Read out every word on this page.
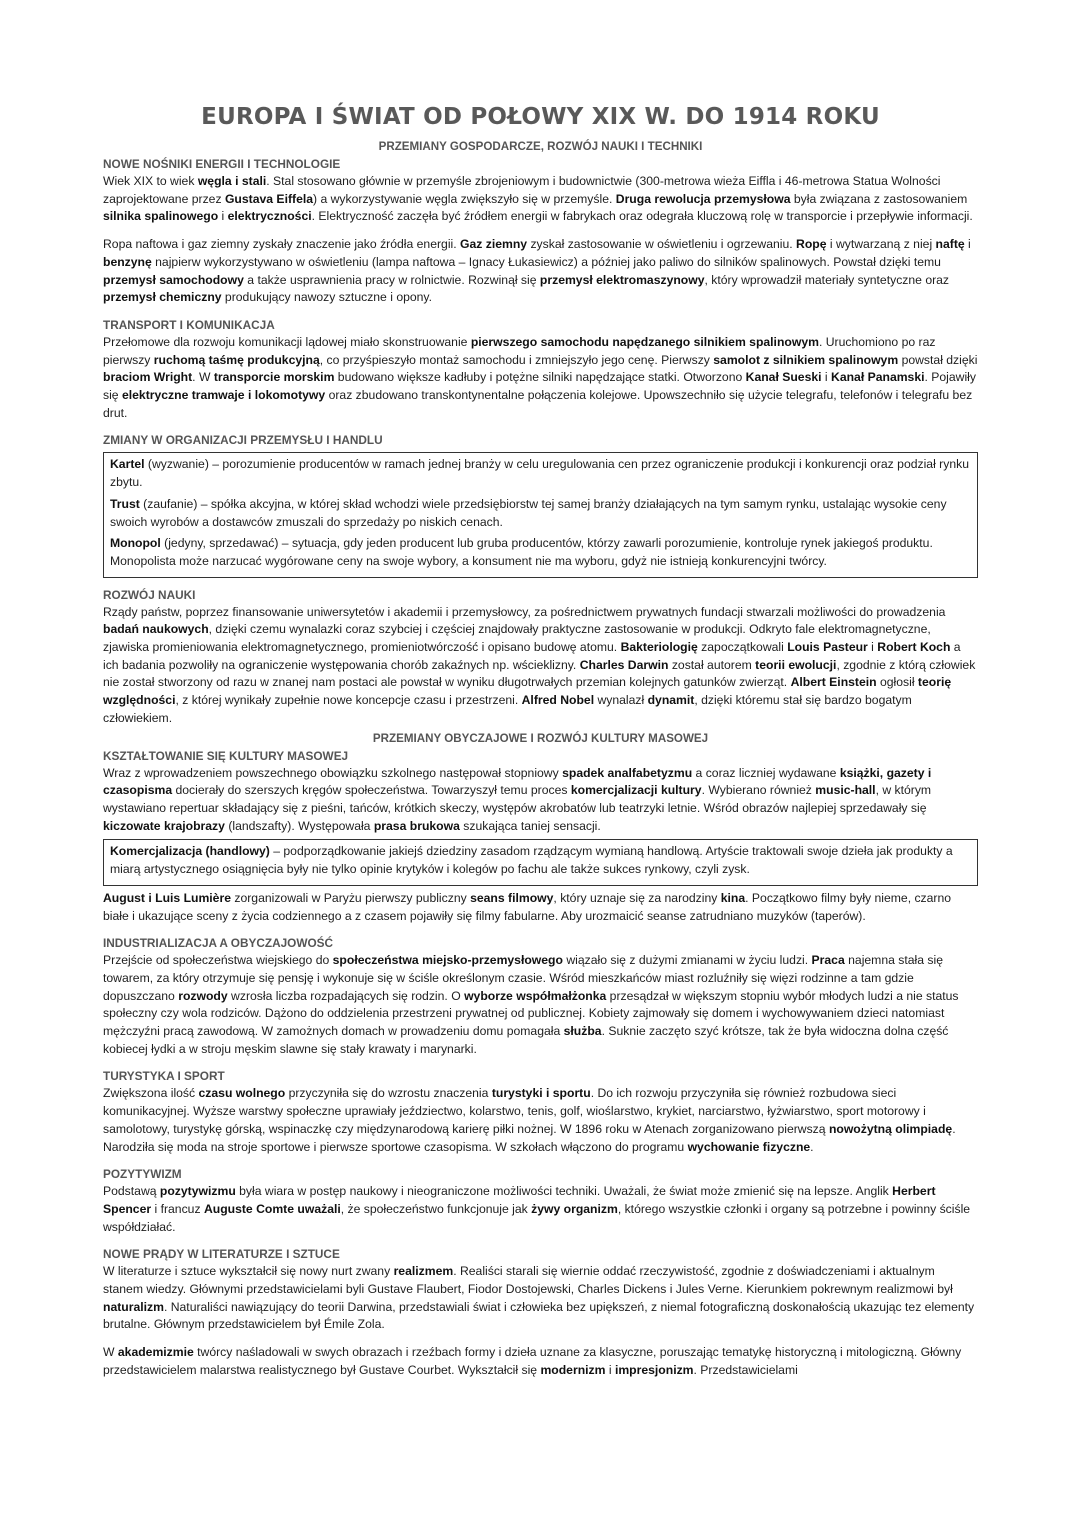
EUROPA I ŚWIAT OD POŁOWY XIX W. DO 1914 ROKU
PRZEMIANY GOSPODARCZE, ROZWÓJ NAUKI I TECHNIKI
NOWE NOŚNIKI ENERGII I TECHNOLOGIE

Wiek XIX to wiek węgla i stali. Stal stosowano głównie w przemyśle zbrojeniowym i budownictwie (300-metrowa wieża Eiffla i 46-metrowa Statua Wolności zaprojektowane przez Gustava Eiffela) a wykorzystywanie węgla zwiększyło się w przemyśle. Druga rewolucja przemysłowa była związana z zastosowaniem silnika spalinowego i elektryczności. Elektryczność zaczęła być źródłem energii w fabrykach oraz odegrała kluczową rolę w transporcie i przepływie informacji.

Ropa naftowa i gaz ziemny zyskały znaczenie jako źródła energii. Gaz ziemny zyskał zastosowanie w oświetleniu i ogrzewaniu. Ropę i wytwarzaną z niej naftę i benzynę najpierw wykorzystywano w oświetleniu (lampa naftowa – Ignacy Łukasiewicz) a później jako paliwo do silników spalinowych. Powstał dzięki temu przemysł samochodowy a także usprawnienia pracy w rolnictwie. Rozwinął się przemysł elektromaszynowy, który wprowadził materiały syntetyczne oraz przemysł chemiczny produkujący nawozy sztuczne i opony.

TRANSPORT I KOMUNIKACJA

Przełomowe dla rozwoju komunikacji lądowej miało skonstruowanie pierwszego samochodu napędzanego silnikiem spalinowym. Uruchomiono po raz pierwszy ruchomą taśmę produkcyjną, co przyśpieszyło montaż samochodu i zmniejszyło jego cenę. Pierwszy samolot z silnikiem spalinowym powstał dzięki braciom Wright. W transporcie morskim budowano większe kadłuby i potężne silniki napędzające statki. Otworzono Kanał Sueski i Kanał Panamski. Pojawiły się elektryczne tramwaje i lokomotywy oraz zbudowano transkontynentalne połączenia kolejowe. Upowszechniło się użycie telegrafu, telefonów i telegrafu bez drut.

ZMIANY W ORGANIZACJI PRZEMYSŁU I HANDLU

Kartel (wyzwanie) – porozumienie producentów w ramach jednej branży w celu uregulowania cen przez ograniczenie produkcji i konkurencji oraz podział rynku zbytu.

Trust (zaufanie) – spółka akcyjna, w której skład wchodzi wiele przedsiębiorstw tej samej branży działających na tym samym rynku, ustalając wysokie ceny swoich wyrobów a dostawców zmuszali do sprzedaży po niskich cenach.

Monopol (jedyny, sprzedawać) – sytuacja, gdy jeden producent lub gruba producentów, którzy zawarli porozumienie, kontroluje rynek jakiegoś produktu. Monopolista może narzucać wygórowane ceny na swoje wybory, a konsument nie ma wyboru, gdyż nie istnieją konkurencyjni twórcy.

ROZWÓJ NAUKI

Rządy państw, poprzez finansowanie uniwersytetów i akademii i przemysłowcy, za pośrednictwem prywatnych fundacji stwarzali możliwości do prowadzenia badań naukowych, dzięki czemu wynalazki coraz szybciej i częściej znajdowały praktyczne zastosowanie w produkcji. Odkryto fale elektromagnetyczne, zjawiska promieniowania elektromagnetycznego, promieniotwórczość i opisano budowę atomu. Bakteriologię zapoczątkowali Louis Pasteur i Robert Koch a ich badania pozwoliły na ograniczenie występowania chorób zakaźnych np. wścieklizny. Charles Darwin został autorem teorii ewolucji, zgodnie z którą człowiek nie został stworzony od razu w znanej nam postaci ale powstał w wyniku długotrwałych przemian kolejnych gatunków zwierząt. Albert Einstein ogłosił teorię względności, z której wynikały zupełnie nowe koncepcje czasu i przestrzeni. Alfred Nobel wynalazł dynamit, dzięki któremu stał się bardzo bogatym człowiekiem.

PRZEMIANY OBYCZAJOWE I ROZWÓJ KULTURY MASOWEJ
KSZTAŁTOWANIE SIĘ KULTURY MASOWEJ

Wraz z wprowadzeniem powszechnego obowiązku szkolnego następował stopniowy spadek analfabetyzmu a coraz liczniej wydawane książki, gazety i czasopisma docierały do szerszych kręgów społeczeństwa. Towarzyszył temu proces komercjalizacji kultury. Wybierano również music-hall, w którym wystawiano repertuar składający się z pieśni, tańców, krótkich skeczy, występów akrobatów lub teatrzyki letnie. Wśród obrazów najlepiej sprzedawały się kiczowate krajobrazy (landszafty). Występowała prasa brukowa szukająca taniej sensacji.

Komercjalizacja (handlowy) – podporządkowanie jakiejś dziedziny zasadom rządzącym wymianą handlową. Artyście traktowali swoje dzieła jak produkty a miarą artystycznego osiągnięcia były nie tylko opinie krytyków i kolegów po fachu ale także sukces rynkowy, czyli zysk.

August i Luis Lumière zorganizowali w Paryżu pierwszy publiczny seans filmowy, który uznaje się za narodziny kina. Początkowo filmy były nieme, czarno białe i ukazujące sceny z życia codziennego a z czasem pojawiły się filmy fabularne. Aby urozmaicić seanse zatrudniano muzyków (taperów).

INDUSTRIALIZACJA A OBYCZAJOWOŚĆ

Przejście od społeczeństwa wiejskiego do społeczeństwa miejsko-przemysłowego wiązało się z dużymi zmianami w życiu ludzi. Praca najemna stała się towarem, za który otrzymuje się pensję i wykonuje się w ściśle określonym czasie. Wśród mieszkańców miast rozluźniły się więzi rodzinne a tam gdzie dopuszczano rozwody wzrosła liczba rozpadających się rodzin. O wyborze współmałżonka przesądzał w większym stopniu wybór młodych ludzi a nie status społeczny czy wola rodziców. Dążono do oddzielenia przestrzeni prywatnej od publicznej. Kobiety zajmowały się domem i wychowywaniem dzieci natomiast mężczyźni pracą zawodową. W zamożnych domach w prowadzeniu domu pomagała służba. Suknie zaczęto szyć krótsze, tak że była widoczna dolna część kobiecej łydki a w stroju męskim slawne się stały krawaty i marynarki.

TURYSTYKA I SPORT

Zwiększona ilość czasu wolnego przyczyniła się do wzrostu znaczenia turystyki i sportu. Do ich rozwoju przyczyniła się również rozbudowa sieci komunikacyjnej. Wyższe warstwy społeczne uprawiały jeździectwo, kolarstwo, tenis, golf, wioślarstwo, krykiet, narciarstwo, łyżwiarstwo, sport motorowy i samolotowy, turystykę górską, wspinaczkę czy międzynarodową karierę piłki nożnej. W 1896 roku w Atenach zorganizowano pierwszą nowożytną olimpiadę. Narodziła się moda na stroje sportowe i pierwsze sportowe czasopisma. W szkołach włączono do programu wychowanie fizyczne.

POZYTYWIZM

Podstawą pozytywizmu była wiara w postęp naukowy i nieograniczone możliwości techniki. Uważali, że świat może zmienić się na lepsze. Anglik Herbert Spencer i francuz Auguste Comte uważali, że społeczeństwo funkcjonuje jak żywy organizm, którego wszystkie członki i organy są potrzebne i powinny ściśle współdziałać.

NOWE PRĄDY W LITERATURZE I SZTUCE

W literaturze i sztuce wykształcił się nowy nurt zwany realizmem. Realiści starali się wiernie oddać rzeczywistość, zgodnie z doświadczeniami i aktualnym stanem wiedzy. Głównymi przedstawicielami byli Gustave Flaubert, Fiodor Dostojewski, Charles Dickens i Jules Verne. Kierunkiem pokrewnym realizmowi był naturalizm. Naturaliści nawiązujący do teorii Darwina, przedstawiali świat i człowieka bez upiększeń, z niemal fotograficzną doskonałością ukazując tez elementy brutalne. Głównym przedstawicielem był Émile Zola.

W akademizmie twórcy naśladowali w swych obrazach i rzeźbach formy i dzieła uznane za klasyczne, poruszając tematykę historyczną i mitologiczną. Główny przedstawicielem malarstwa realistycznego był Gustave Courbet. Wykształcił się modernizm i impresjonizm. Przedstawicielami
